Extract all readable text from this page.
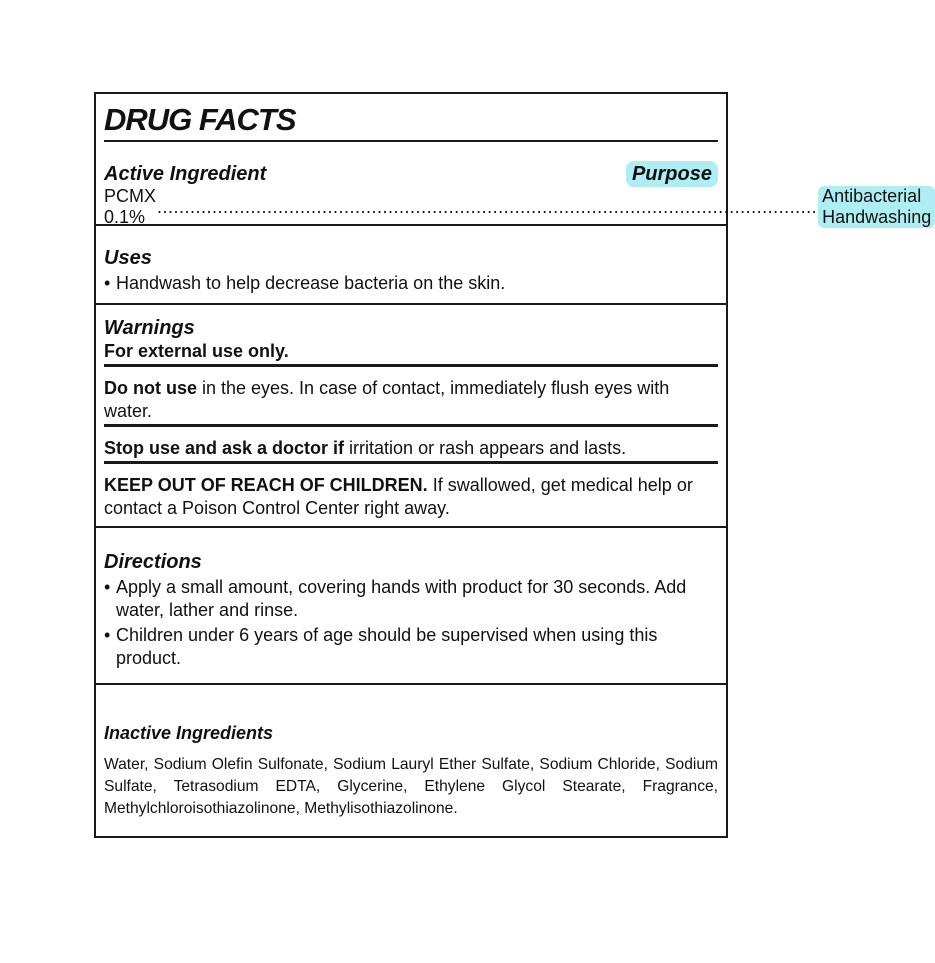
DRUG FACTS
Active Ingredient	Purpose
PCMX 0.1%
........................................................................................................................
Antibacterial Handwashing
Uses
• Handwash to help decrease bacteria on the skin.
Warnings
For external use only.
Do not use in the eyes. In case of contact, immediately flush eyes with water.
Stop use and ask a doctor if irritation or rash appears and lasts.
KEEP OUT OF REACH OF CHILDREN. If swallowed, get medical help or contact a Poison Control Center right away.
Directions
• Apply a small amount, covering hands with product for 30 seconds. Add water, lather and rinse.
• Children under 6 years of age should be supervised when using this product.
Inactive Ingredients
Water, Sodium Olefin Sulfonate, Sodium Lauryl Ether Sulfate, Sodium Chloride, Sodium Sulfate, Tetrasodium EDTA, Glycerine, Ethylene Glycol Stearate, Fragrance, Methylchloroisothiazolinone, Methylisothiazolinone.
